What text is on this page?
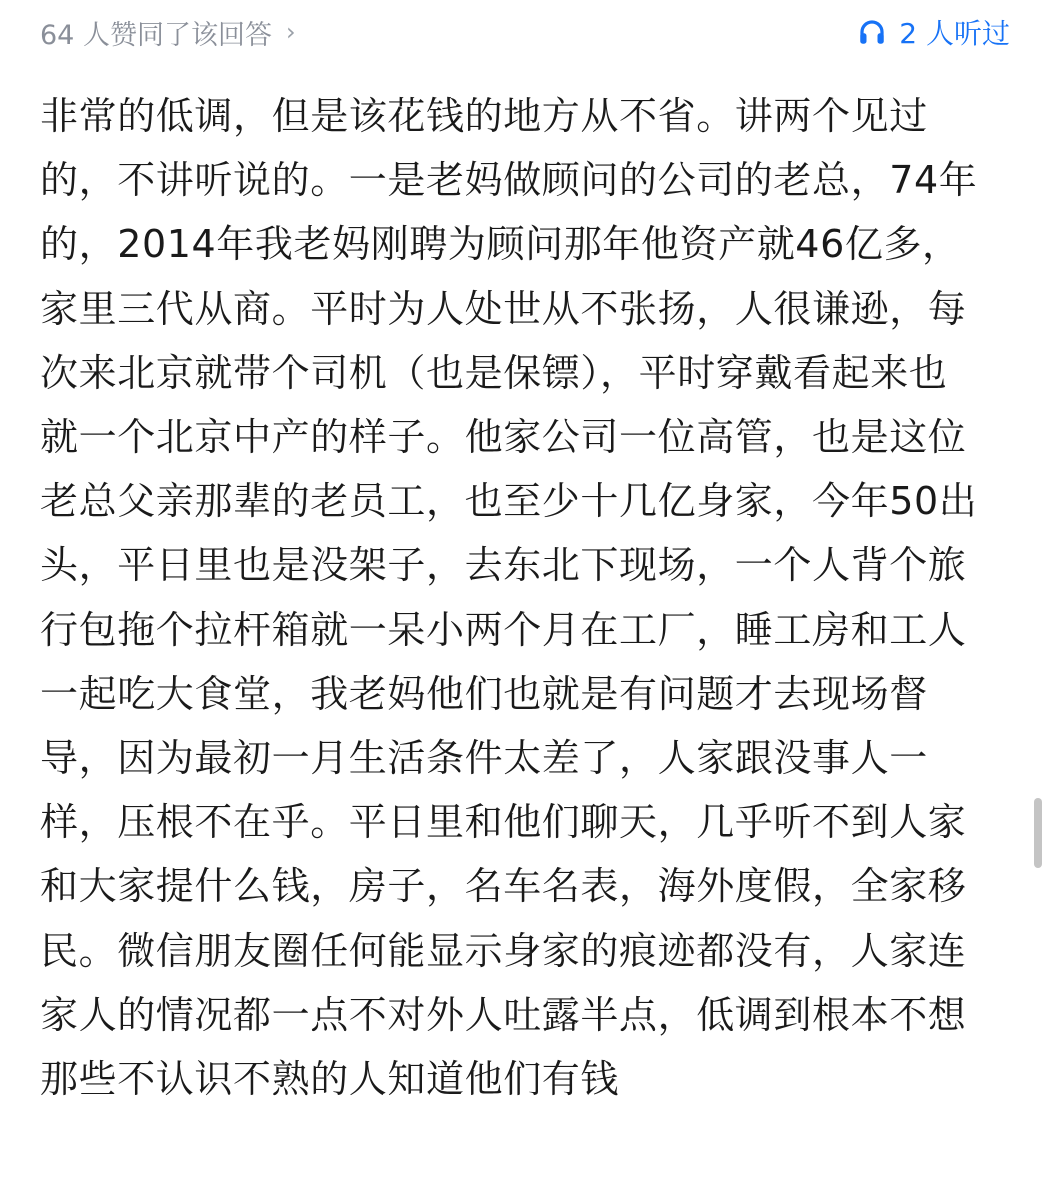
64 人赞同了该回答 ›	2 人听过

非常的低调，但是该花钱的地方从不省。讲两个见过的，不讲听说的。一是老妈做顾问的公司的老总，74年的，2014年我老妈刚聘为顾问那年他资产就46亿多，家里三代从商。平时为人处世从不张扬，人很谦逊，每次来北京就带个司机（也是保镖），平时穿戴看起来也就一个北京中产的样子。他家公司一位高管，也是这位老总父亲那辈的老员工，也至少十几亿身家，今年50出头，平日里也是没架子，去东北下现场，一个人背个旅行包拖个拉杆箱就一呆小两个月在工厂，睡工房和工人一起吃大食堂，我老妈他们也就是有问题才去现场督导，因为最初一月生活条件太差了，人家跟没事人一样，压根不在乎。平日里和他们聊天，几乎听不到人家和大家提什么钱，房子，名车名表，海外度假，全家移民。微信朋友圈任何能显示身家的痕迹都没有，人家连家人的情况都一点不对外人吐露半点，低调到根本不想那些不认识不熟的人知道他们有钱
